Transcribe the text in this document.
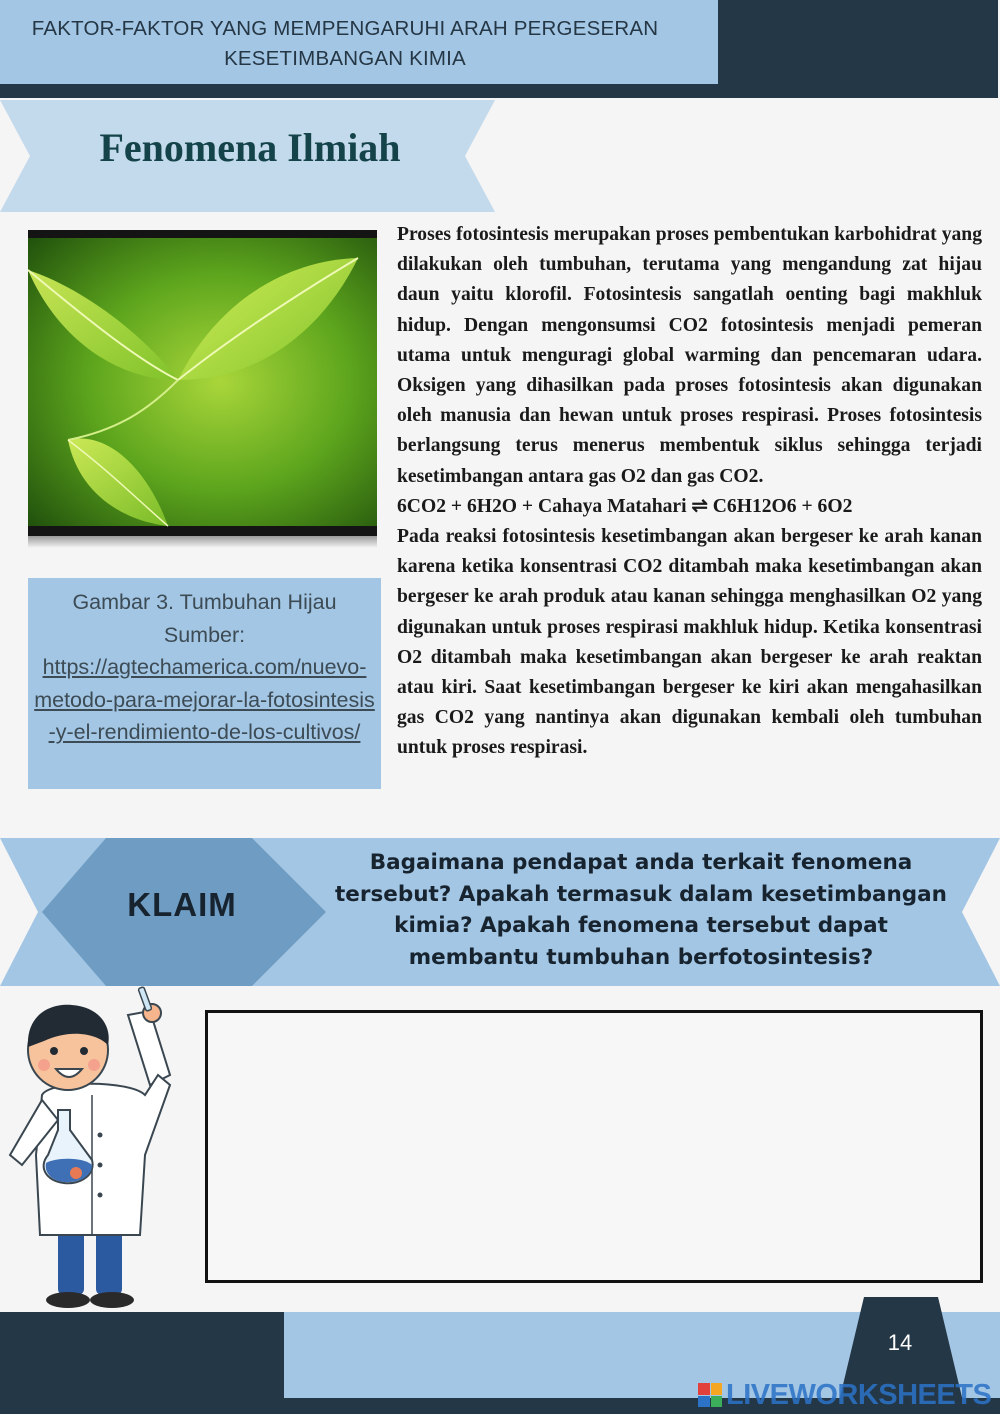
FAKTOR-FAKTOR YANG MEMPENGARUHI ARAH PERGESERAN
KESETIMBANGAN KIMIA
Fenomena Ilmiah
Gambar 3. Tumbuhan Hijau
Sumber:
https://agtechamerica.com/nuevo-metodo-para-mejorar-la-fotosintesis-y-el-rendimiento-de-los-cultivos/

Proses fotosintesis merupakan proses pembentukan karbohidrat yang dilakukan oleh tumbuhan, terutama yang mengandung zat hijau daun yaitu klorofil. Fotosintesis sangatlah oenting bagi makhluk hidup. Dengan mengonsumsi CO2 fotosintesis menjadi pemeran utama untuk menguragi global warming dan pencemaran udara. Oksigen yang dihasilkan pada proses fotosintesis akan digunakan oleh manusia dan hewan untuk proses respirasi. Proses fotosintesis berlangsung terus menerus membentuk siklus sehingga terjadi kesetimbangan antara gas O2 dan gas CO2.

6CO2 + 6H2O + Cahaya Matahari ⇌ C6H12O6 + 6O2

Pada reaksi fotosintesis kesetimbangan akan bergeser ke arah kanan karena ketika konsentrasi CO2 ditambah maka kesetimbangan akan bergeser ke arah produk atau kanan sehingga menghasilkan O2 yang digunakan untuk proses respirasi makhluk hidup. Ketika konsentrasi O2 ditambah maka kesetimbangan akan bergeser ke arah reaktan atau kiri. Saat kesetimbangan bergeser ke kiri akan mengahasilkan gas CO2 yang nantinya akan digunakan kembali oleh tumbuhan untuk proses respirasi.

KLAIM
Bagaimana pendapat anda terkait fenomena tersebut? Apakah termasuk dalam kesetimbangan kimia? Apakah fenomena tersebut dapat membantu tumbuhan berfotosintesis?
14
LIVEWORKSHEETS
